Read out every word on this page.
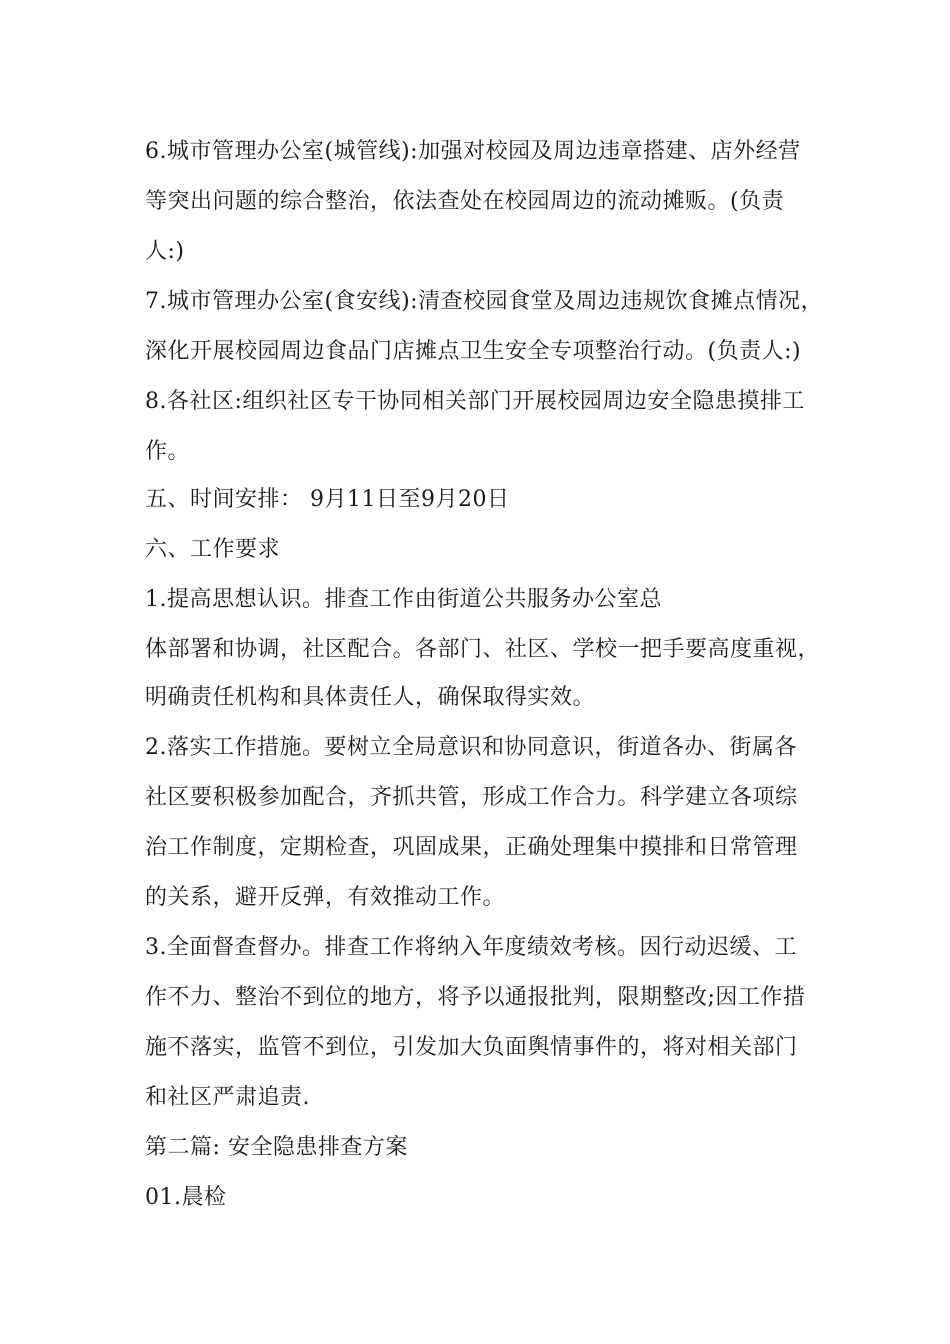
6.城市管理办公室(城管线):加强对校园及周边违章搭建、店外经营
等突出问题的综合整治，依法查处在校园周边的流动摊贩。(负责
人:)
7.城市管理办公室(食安线):清查校园食堂及周边违规饮食摊点情况，
深化开展校园周边食品门店摊点卫生安全专项整治行动。(负责人:)
8.各社区:组织社区专干协同相关部门开展校园周边安全隐患摸排工
作。
五、时间安排： 9月11日至9月20日
六、工作要求
1.提高思想认识。排查工作由街道公共服务办公室总
体部署和协调，社区配合。各部门、社区、学校一把手要高度重视，
明确责任机构和具体责任人，确保取得实效。
2.落实工作措施。要树立全局意识和协同意识，街道各办、街属各
社区要积极参加配合，齐抓共管，形成工作合力。科学建立各项综
治工作制度，定期检查，巩固成果，正确处理集中摸排和日常管理
的关系，避开反弹，有效推动工作。
3.全面督查督办。排查工作将纳入年度绩效考核。因行动迟缓、工
作不力、整治不到位的地方，将予以通报批判，限期整改;因工作措
施不落实，监管不到位，引发加大负面舆情事件的，将对相关部门
和社区严肃追责.
第二篇: 安全隐患排查方案
01.晨检
